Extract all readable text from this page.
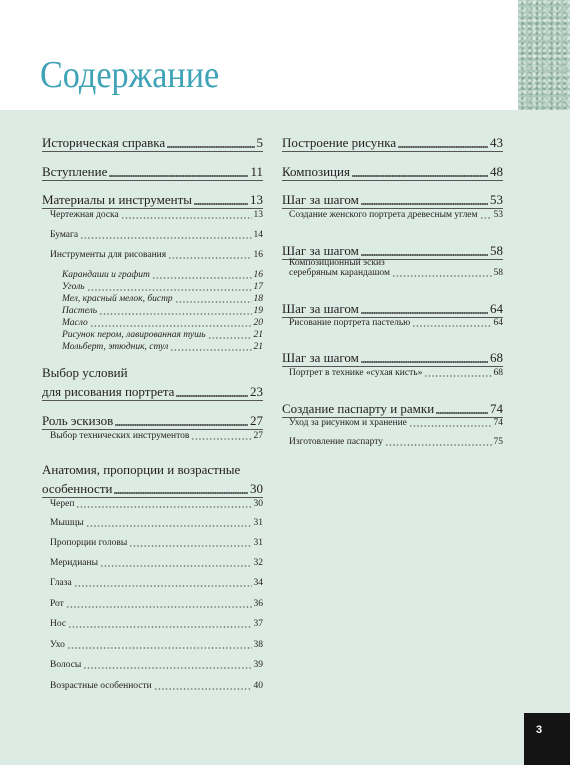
Содержание
Историческая справка	5
Вступление	11
Материалы и инструменты	13
Чертежная доска	13
Бумага	14
Инструменты для рисования	16
Карандаши и графит	16
Уголь	17
Мел, красный мелок, бистр	18
Пастель	19
Масло	20
Рисунок пером, лавированная тушь	21
Мольберт, этюдник, стул	21
Выбор условий
для рисования портрета	23
Роль эскизов	27
Выбор технических инструментов	27
Анатомия, пропорции и возрастные
особенности	30
Череп	30
Мышцы	31
Пропорции головы	31
Меридианы	32
Глаза	34
Рот	36
Нос	37
Ухо	38
Волосы	39
Возрастные особенности	40
Построение рисунка	43
Композиция	48
Шаг за шагом	53
Создание женского портрета древесным углем 53
Шаг за шагом	58
Композиционный эскиз
серебряным карандашом	58
Шаг за шагом	64
Рисование портрета пастелью	64
Шаг за шагом	68
Портрет в технике «сухая кисть»	68
Создание паспарту и рамки	74
Уход за рисунком и хранение	74
Изготовление паспарту	75
3
